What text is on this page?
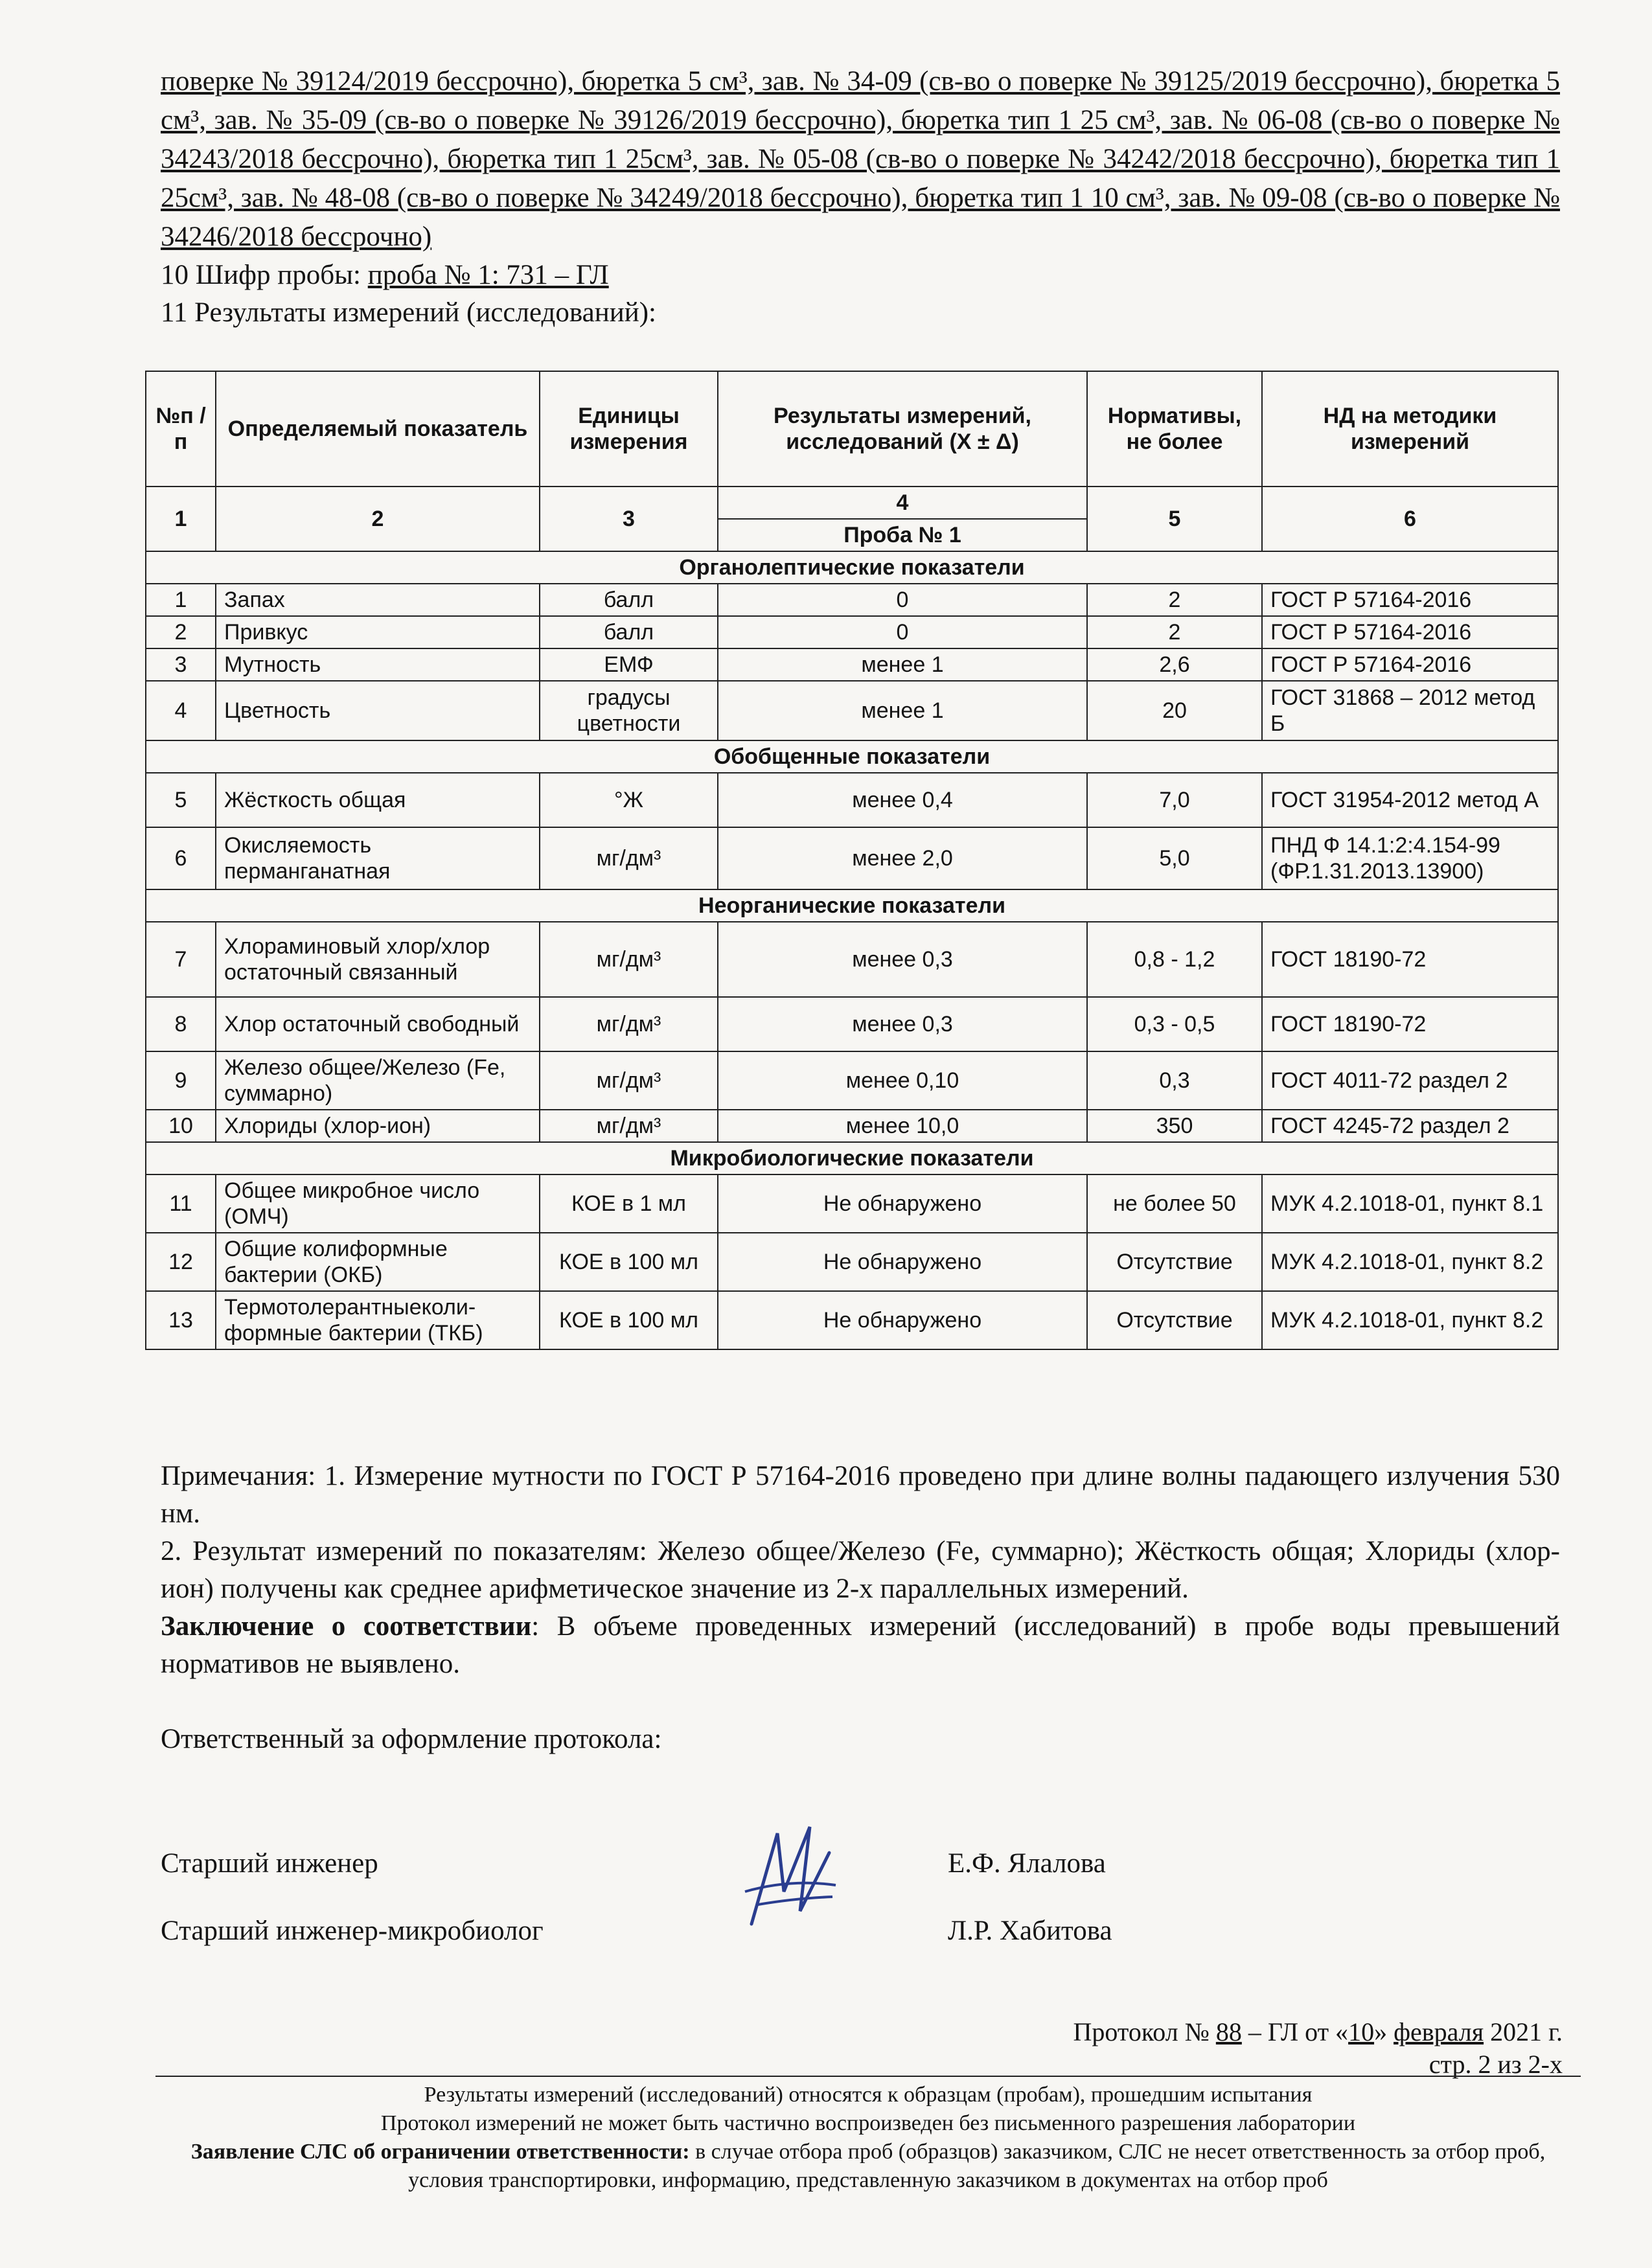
поверке № 39124/2019 бессрочно), бюретка 5 см³, зав. № 34-09 (св-во о поверке № 39125/2019 бессрочно), бюретка 5 см³, зав. № 35-09 (св-во о поверке № 39126/2019 бессрочно), бюретка тип 1 25 см³, зав. № 06-08 (св-во о поверке № 34243/2018 бессрочно), бюретка тип 1 25см³, зав. № 05-08 (св-во о поверке № 34242/2018 бессрочно), бюретка тип 1 25см³, зав. № 48-08 (св-во о поверке № 34249/2018 бессрочно), бюретка тип 1 10 см³, зав. № 09-08 (св-во о поверке № 34246/2018 бессрочно)

10 Шифр пробы: проба № 1: 731 – ГЛ
11 Результаты измерений (исследований):
№п /п	Определяемый показатель	Единицы измерения	Результаты измерений, исследований (X ± Δ)	Нормативы, не более	НД на методики измерений
1	2	3	4	5	6
			Проба № 1		
Органолептические показатели					
1	Запах	балл	0	2	ГОСТ Р 57164-2016
2	Привкус	балл	0	2	ГОСТ Р 57164-2016
3	Мутность	ЕМФ	менее 1	2,6	ГОСТ Р 57164-2016
4	Цветность	градусы цветности	менее 1	20	ГОСТ 31868 – 2012 метод Б
Обобщенные показатели					
5	Жёсткость общая	°Ж	менее 0,4	7,0	ГОСТ 31954-2012 метод А
6	Окисляемость перманганатная	мг/дм³	менее 2,0	5,0	ПНД Ф 14.1:2:4.154-99 (ФР.1.31.2013.13900)
Неорганические показатели					
7	Хлораминовый хлор/хлор остаточный связанный	мг/дм³	менее 0,3	0,8 - 1,2	ГОСТ 18190-72
8	Хлор остаточный свободный	мг/дм³	менее 0,3	0,3 - 0,5	ГОСТ 18190-72
9	Железо общее/Железо (Fe, суммарно)	мг/дм³	менее 0,10	0,3	ГОСТ 4011-72 раздел 2
10	Хлориды (хлор-ион)	мг/дм³	менее 10,0	350	ГОСТ 4245-72 раздел 2
Микробиологические показатели					
11	Общее микробное число (ОМЧ)	КОЕ в 1 мл	Не обнаружено	не более 50	МУК 4.2.1018-01, пункт 8.1
12	Общие колиформные бактерии (ОКБ)	КОЕ в 100 мл	Не обнаружено	Отсутствие	МУК 4.2.1018-01, пункт 8.2
13	Термотолерантныеколи-формные бактерии (ТКБ)	КОЕ в 100 мл	Не обнаружено	Отсутствие	МУК 4.2.1018-01, пункт 8.2

Примечания: 1. Измерение мутности по ГОСТ Р 57164-2016 проведено при длине волны падающего излучения 530 нм.

2. Результат измерений по показателям: Железо общее/Железо (Fe, суммарно); Жёсткость общая; Хлориды (хлор-ион) получены как среднее арифметическое значение из 2-х параллельных измерений.

Заключение о соответствии: В объеме проведенных измерений (исследований) в пробе воды превышений нормативов не выявлено.

Ответственный за оформление протокола:

Старший инженер	Е.Ф. Ялалова
Старший инженер-микробиолог	Л.Р. Хабитова
Протокол № 88 – ГЛ от «10» февраля 2021 г.
стр. 2 из 2-х
Результаты измерений (исследований) относятся к образцам (пробам), прошедшим испытания
Протокол измерений не может быть частично воспроизведен без письменного разрешения лаборатории
Заявление СЛС об ограничении ответственности: в случае отбора проб (образцов) заказчиком, СЛС не несет ответственность за отбор проб, условия транспортировки, информацию, представленную заказчиком в документах на отбор проб
